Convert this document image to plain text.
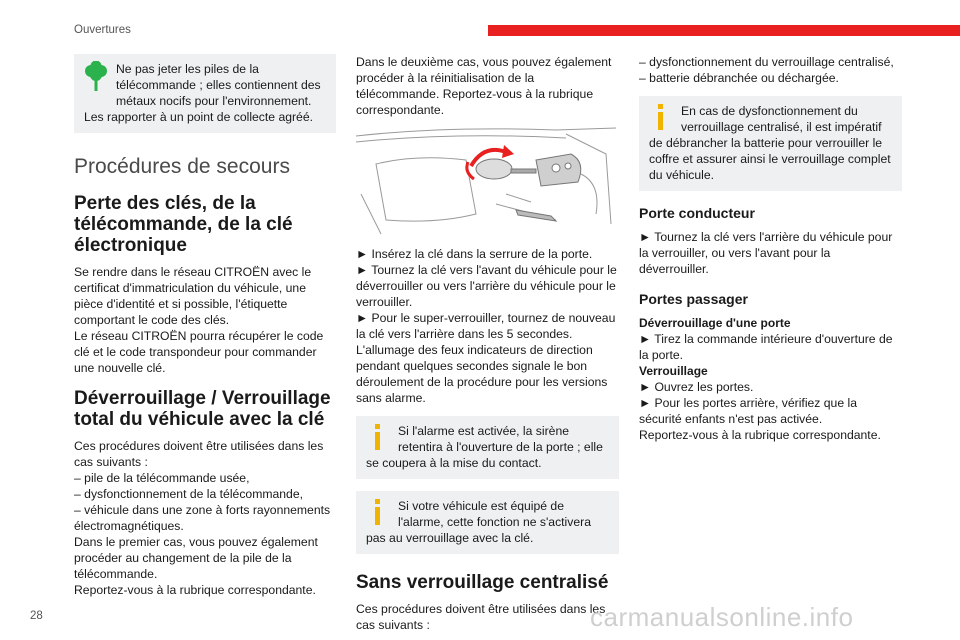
Ouvertures

Ne pas jeter les piles de la télécommande ; elles contiennent des métaux nocifs pour l'environnement. Les rapporter à un point de collecte agréé.

Procédures de secours
Perte des clés, de la télécommande, de la clé électronique

Se rendre dans le réseau CITROËN avec le certificat d'immatriculation du véhicule, une pièce d'identité et si possible, l'étiquette comportant le code des clés.

Le réseau CITROËN pourra récupérer le code clé et le code transpondeur pour commander une nouvelle clé.

Déverrouillage / Verrouillage total du véhicule avec la clé

Ces procédures doivent être utilisées dans les cas suivants :

– pile de la télécommande usée,

– dysfonctionnement de la télécommande,

– véhicule dans une zone à forts rayonnements électromagnétiques.

Dans le premier cas, vous pouvez également procéder au changement de la pile de la télécommande.

Reportez-vous à la rubrique correspondante.

Dans le deuxième cas, vous pouvez également procéder à la réinitialisation de la télécommande. Reportez-vous à la rubrique correspondante.

► Insérez la clé dans la serrure de la porte.

► Tournez la clé vers l'avant du véhicule pour le déverrouiller ou vers l'arrière du véhicule pour le verrouiller.

► Pour le super-verrouiller, tournez de nouveau la clé vers l'arrière dans les 5 secondes.

L'allumage des feux indicateurs de direction pendant quelques secondes signale le bon déroulement de la procédure pour les versions sans alarme.

Si l'alarme est activée, la sirène retentira à l'ouverture de la porte ; elle se coupera à la mise du contact.

Si votre véhicule est équipé de l'alarme, cette fonction ne s'activera pas au verrouillage avec la clé.

Sans verrouillage centralisé

Ces procédures doivent être utilisées dans les cas suivants :

– dysfonctionnement du verrouillage centralisé,

– batterie débranchée ou déchargée.

En cas de dysfonctionnement du verrouillage centralisé, il est impératif de débrancher la batterie pour verrouiller le coffre et assurer ainsi le verrouillage complet du véhicule.

Porte conducteur

► Tournez la clé vers l'arrière du véhicule pour la verrouiller, ou vers l'avant pour la déverrouiller.

Portes passager

Déverrouillage d'une porte

► Tirez la commande intérieure d'ouverture de la porte.

Verrouillage

► Ouvrez les portes.

► Pour les portes arrière, vérifiez que la sécurité enfants n'est pas activée.

Reportez-vous à la rubrique correspondante.

28	carmanualsonline.info
